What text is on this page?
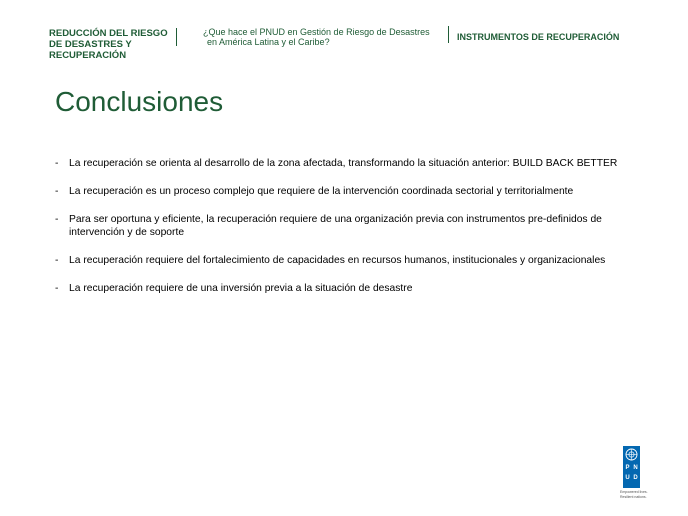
REDUCCIÓN DEL RIESGO DE DESASTRES Y RECUPERACIÓN
¿Que hace el PNUD en Gestión de Riesgo de Desastres
en América Latina y el Caribe?	INSTRUMENTOS DE RECUPERACIÓN
Conclusiones
- La recuperación se orienta al desarrollo de la zona afectada, transformando la situación anterior: BUILD BACK BETTER
- La recuperación es un proceso complejo que requiere de la intervención coordinada sectorial y territorialmente
- Para ser oportuna y eficiente, la recuperación requiere de una organización previa con instrumentos pre-definidos de intervención y de soporte
- La recuperación requiere del fortalecimiento de capacidades en recursos humanos, institucionales y organizacionales
- La recuperación requiere de una inversión previa a la situación de desastre
P N
U D
Empowered lives. Resilient nations.
